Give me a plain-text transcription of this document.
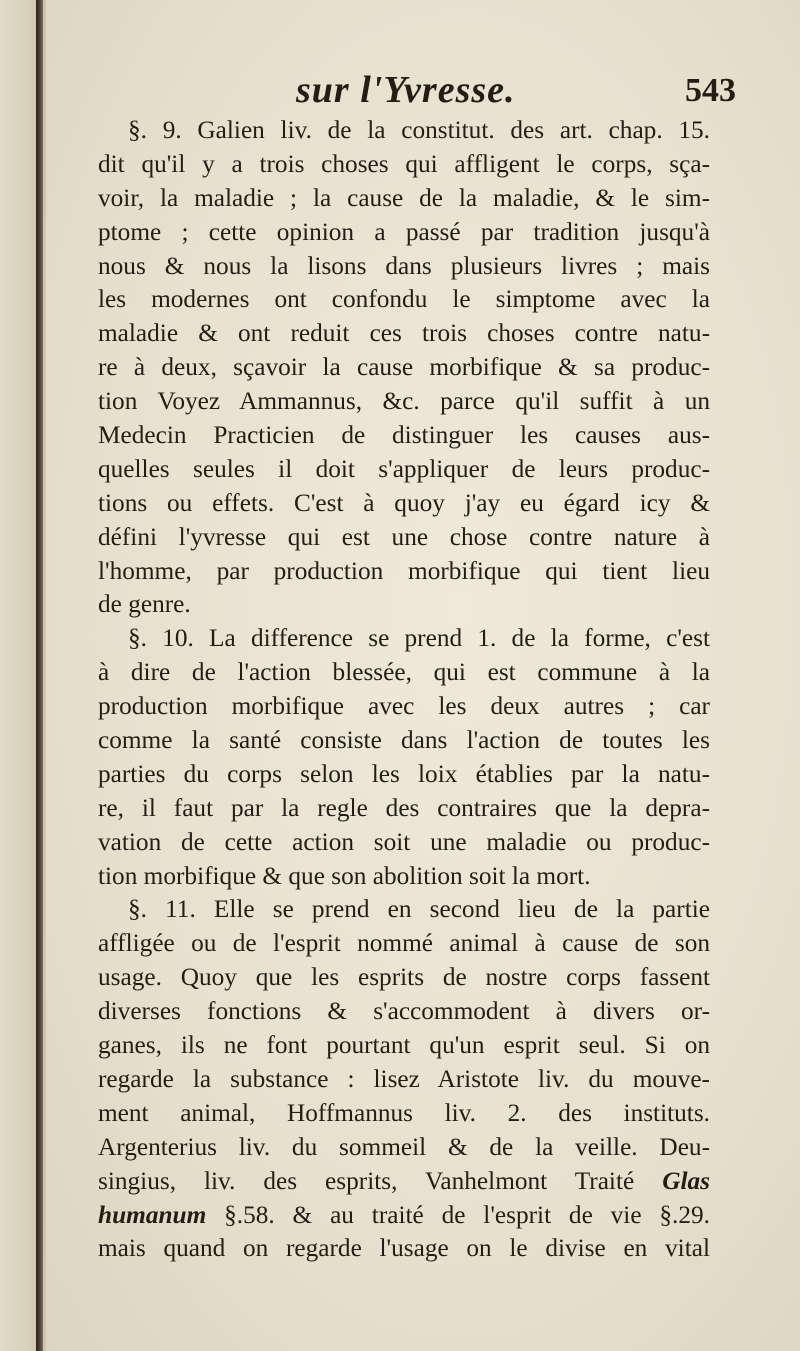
sur l'Yvresse.	543
§. 9. Galien liv. de la constitut. des art. chap. 15.
dit qu'il y a trois choses qui affligent le corps, sça-
voir, la maladie ; la cause de la maladie, & le sim-
ptome ; cette opinion a passé par tradition jusqu'à
nous & nous la lisons dans plusieurs livres ; mais
les modernes ont confondu le simptome avec la
maladie & ont reduit ces trois choses contre natu-
re à deux, sçavoir la cause morbifique & sa produc-
tion Voyez Ammannus, &c. parce qu'il suffit à un
Medecin Practicien de distinguer les causes aus-
quelles seules il doit s'appliquer de leurs produc-
tions ou effets. C'est à quoy j'ay eu égard icy &
défini l'yvresse qui est une chose contre nature à
l'homme, par production morbifique qui tient lieu
de genre.
§. 10. La difference se prend 1. de la forme, c'est
à dire de l'action blessée, qui est commune à la
production morbifique avec les deux autres ; car
comme la santé consiste dans l'action de toutes les
parties du corps selon les loix établies par la natu-
re, il faut par la regle des contraires que la depra-
vation de cette action soit une maladie ou produc-
tion morbifique & que son abolition soit la mort.
§. 11. Elle se prend en second lieu de la partie
affligée ou de l'esprit nommé animal à cause de son
usage. Quoy que les esprits de nostre corps fassent
diverses fonctions & s'accommodent à divers or-
ganes, ils ne font pourtant qu'un esprit seul. Si on
regarde la substance : lisez Aristote liv. du mouve-
ment animal, Hoffmannus liv. 2. des instituts.
Argenterius liv. du sommeil & de la veille. Deu-
singius, liv. des esprits, Vanhelmont Traité Glas
humanum §.58. & au traité de l'esprit de vie §.29.
mais quand on regarde l'usage on le divise en vital
